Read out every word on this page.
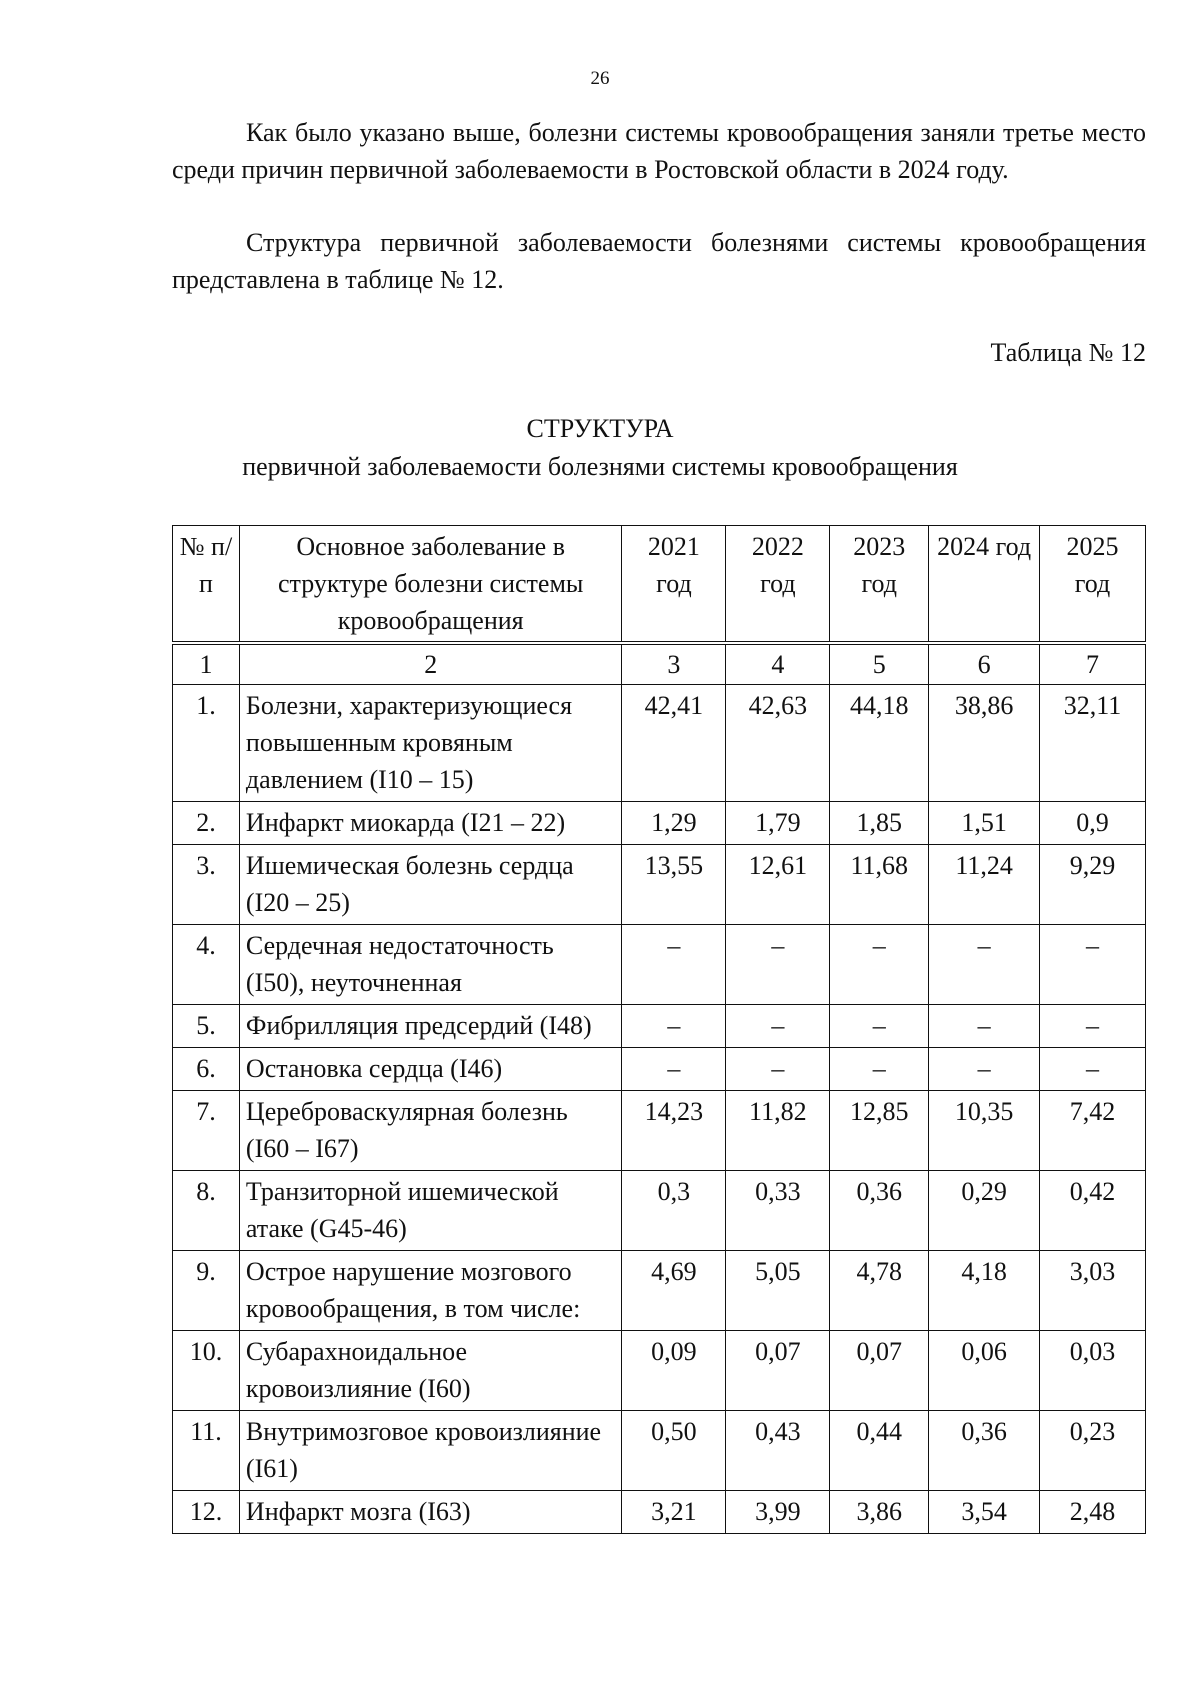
26

Как было указано выше, болезни системы кровообращения заняли третье место среди причин первичной заболеваемости в Ростовской области в 2024 году.

Структура первичной заболеваемости болезнями системы кровообращения представлена в таблице № 12.

Таблица № 12
СТРУКТУРА
первичной заболеваемости болезнями системы кровообращения
№ п/п	Основное заболевание в структуре болезни системы кровообращения	2021 год	2022 год	2023 год	2024 год	2025 год
1	2	3	4	5	6	7
1.	Болезни, характеризующиеся повышенным кровяным давлением (I10 – 15)	42,41	42,63	44,18	38,86	32,11
2.	Инфаркт миокарда (I21 – 22)	1,29	1,79	1,85	1,51	0,9
3.	Ишемическая болезнь сердца (I20 – 25)	13,55	12,61	11,68	11,24	9,29
4.	Сердечная недостаточность (I50), неуточненная	–	–	–	–	–
5.	Фибрилляция предсердий (I48)	–	–	–	–	–
6.	Остановка сердца (I46)	–	–	–	–	–
7.	Цереброваскулярная болезнь (I60 – I67)	14,23	11,82	12,85	10,35	7,42
8.	Транзиторной ишемической атаке (G45-46)	0,3	0,33	0,36	0,29	0,42
9.	Острое нарушение мозгового кровообращения, в том числе:	4,69	5,05	4,78	4,18	3,03
10.	Субарахноидальное кровоизлияние (I60)	0,09	0,07	0,07	0,06	0,03
11.	Внутримозговое кровоизлияние (I61)	0,50	0,43	0,44	0,36	0,23
12.	Инфаркт мозга (I63)	3,21	3,99	3,86	3,54	2,48
